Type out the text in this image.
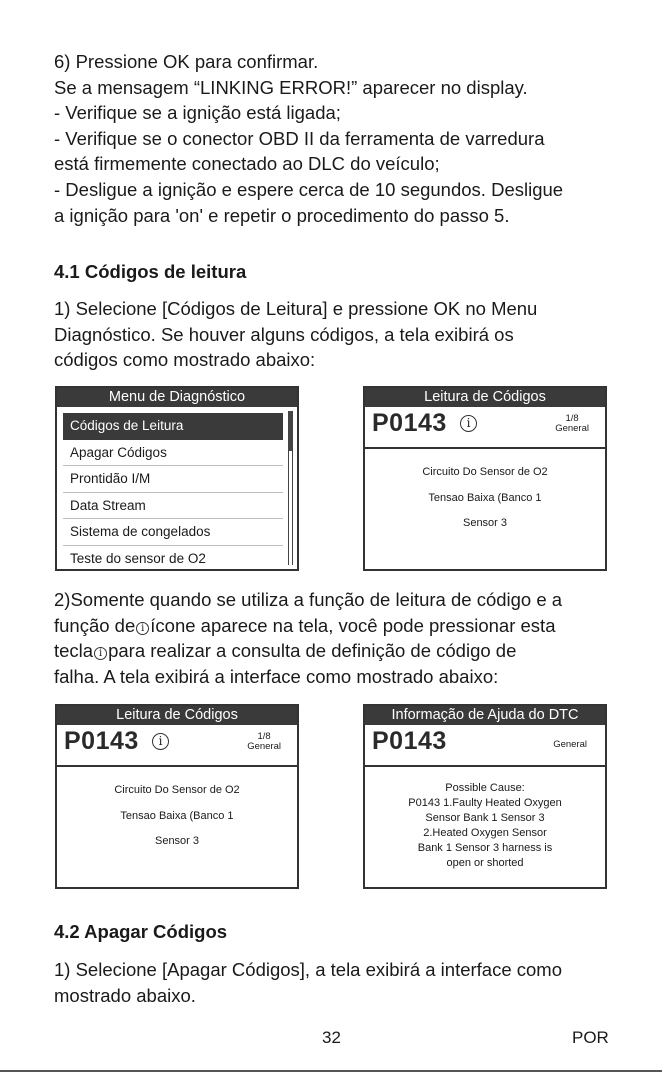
6) Pressione OK para confirmar.
Se a mensagem “LINKING ERROR!” aparecer no display.
- Verifique se a ignição está ligada;
- Verifique se o conector OBD II da ferramenta de varredura
está firmemente conectado ao DLC do veículo;
- Desligue a ignição e espere cerca de 10 segundos. Desligue
a ignição para 'on' e repetir o procedimento do passo 5.
4.1 Códigos de leitura
1) Selecione [Códigos de Leitura] e pressione OK no Menu
Diagnóstico. Se houver alguns códigos, a tela exibirá os
códigos como mostrado abaixo:
Menu de Diagnóstico
Códigos de Leitura
Apagar Códigos
Prontidão I/M
Data Stream
Sistema de congelados
Teste do sensor de O2
Leitura de Códigos
P0143	i	1/8
General
Circuito Do Sensor de O2
Tensao Baixa (Banco 1
Sensor 3
2)Somente quando se utiliza a função de leitura de código e a
função de i ícone aparece na tela, você pode pressionar esta
tecla i para realizar a consulta de definição de código de
falha. A tela exibirá a interface como mostrado abaixo:
Leitura de Códigos
P0143	i	1/8
General
Circuito Do Sensor de O2
Tensao Baixa (Banco 1
Sensor 3
Informação de Ajuda do DTC
P0143	General
Possible Cause:
P0143 1.Faulty Heated Oxygen
Sensor Bank 1 Sensor 3
2.Heated Oxygen Sensor
Bank 1 Sensor 3 harness is
open or shorted
4.2 Apagar Códigos
1) Selecione [Apagar Códigos], a tela exibirá a interface como
mostrado abaixo.
32	POR
